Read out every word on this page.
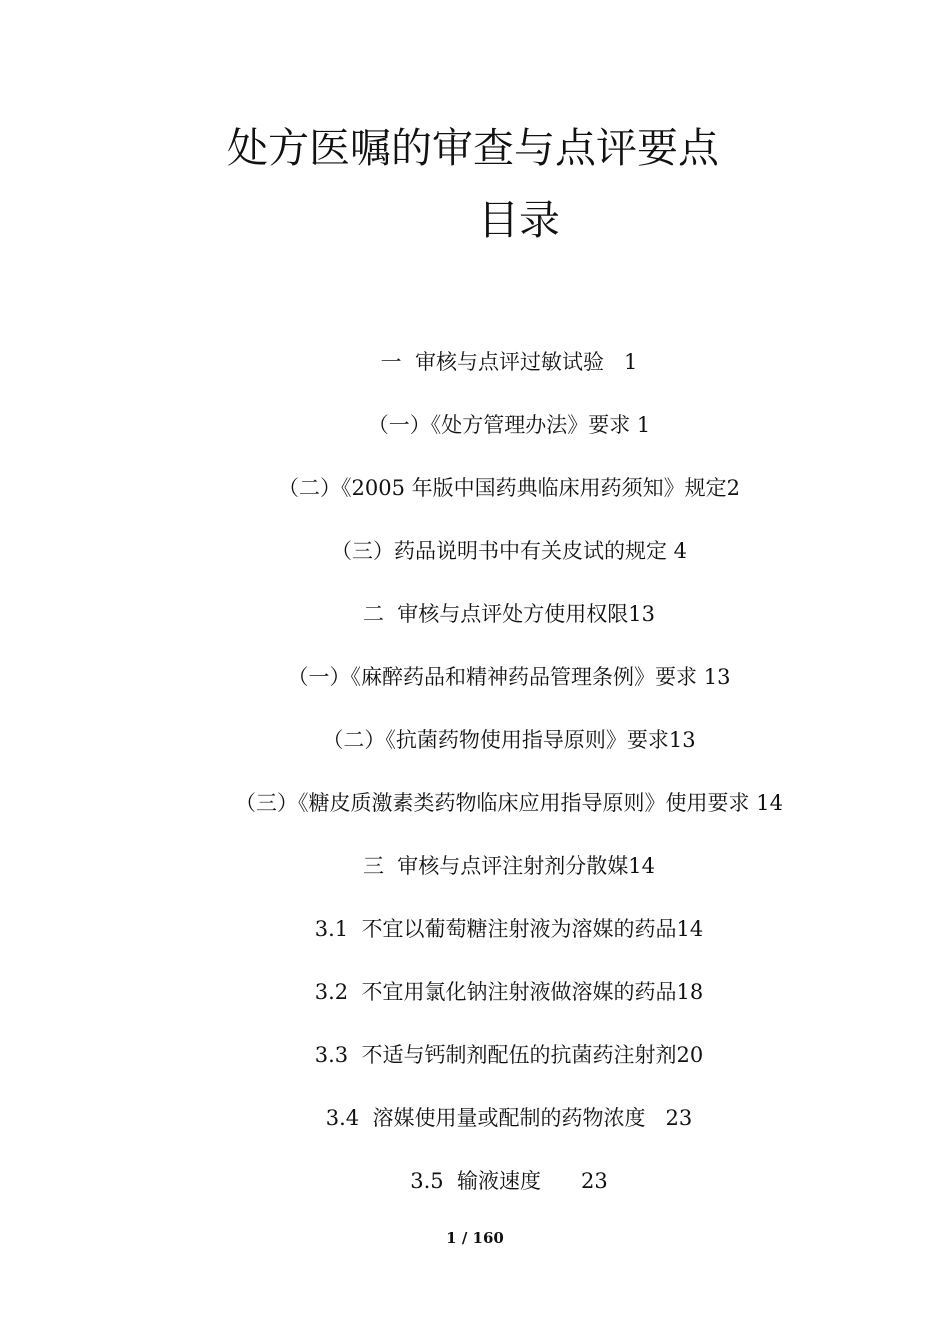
处方医嘱的审查与点评要点
目录
一  审核与点评过敏试验   1
（一）《处方管理办法》要求 1
（二）《2005 年版中国药典临床用药须知》规定2
（三）药品说明书中有关皮试的规定 4
二  审核与点评处方使用权限13
（一）《麻醉药品和精神药品管理条例》要求 13
（二）《抗菌药物使用指导原则》要求13
（三）《糖皮质激素类药物临床应用指导原则》使用要求 14
三  审核与点评注射剂分散媒14
3.1  不宜以葡萄糖注射液为溶媒的药品14
3.2  不宜用氯化钠注射液做溶媒的药品18
3.3  不适与钙制剂配伍的抗菌药注射剂20
3.4  溶媒使用量或配制的药物浓度   23
3.5  输液速度      23
1 / 160
